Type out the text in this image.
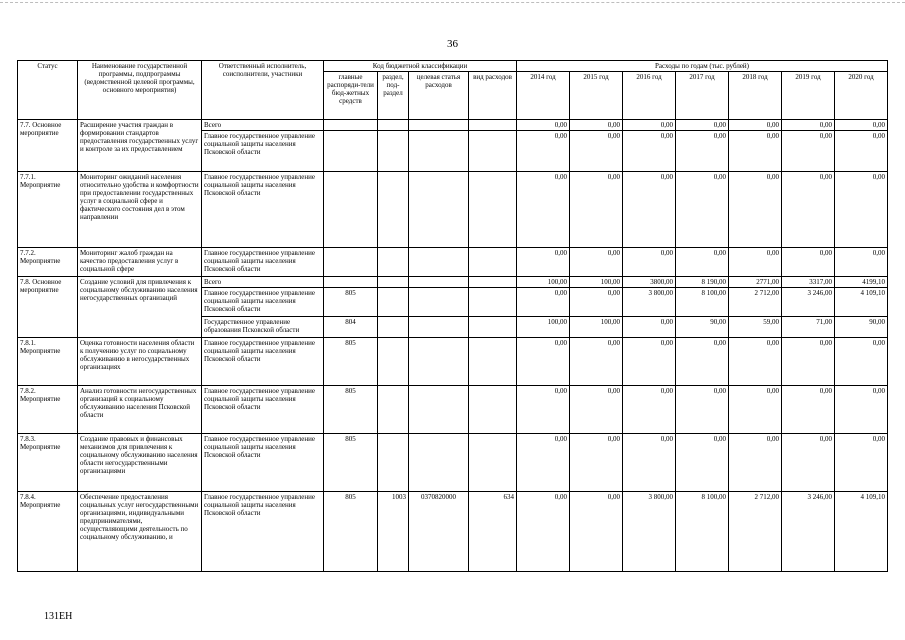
36
Статус	Наименование государственной программы, подпрограммы (ведомственной целевой программы, основного мероприятия)	Ответственный исполнитель, соисполнители, участники	Код бюджетной классификации				Расходы по годам (тыс. рублей)						
			главные распоряди-тели бюд-жетных средств	раздел, под-раздел	целевая статья расходов	вид расходов	2014 год	2015 год	2016 год	2017 год	2018 год	2019 год	2020 год
7.7. Основное мероприятие	Расширение участия граждан в формировании стандартов предоставления государственных услуг и контроле за их предоставлением	Всего					0,00	0,00	0,00	0,00	0,00	0,00	0,00
		Главное государственное управление социальной защиты населения Псковской области					0,00	0,00	0,00	0,00	0,00	0,00	0,00
7.7.1. Мероприятие	Мониторинг ожиданий населения относительно удобства и комфортности при предоставлении государственных услуг в социальной сфере и фактического состояния дел в этом направлении	Главное государственное управление социальной защиты населения Псковской области					0,00	0,00	0,00	0,00	0,00	0,00	0,00
7.7.2. Мероприятие	Мониторинг жалоб граждан на качество предоставления услуг в социальной сфере	Главное государственное управление социальной защиты населения Псковской области					0,00	0,00	0,00	0,00	0,00	0,00	0,00
7.8. Основное мероприятие	Создание условий для привлечения к социальному обслуживанию населения негосударственных организаций	Всего					100,00	100,00	3800,00	8 190,00	2771,00	3317,00	4199,10
		Главное государственное управление социальной защиты населения Псковской области	805				0,00	0,00	3 800,00	8 100,00	2 712,00	3 246,00	4 109,10
		Государственное управление образования Псковской области	804				100,00	100,00	0,00	90,00	59,00	71,00	90,00
7.8.1. Мероприятие	Оценка готовности населения области к получению услуг по социальному обслуживанию в негосударственных организациях	Главное государственное управление социальной защиты населения Псковской области	805				0,00	0,00	0,00	0,00	0,00	0,00	0,00
7.8.2. Мероприятие	Анализ готовности негосударственных организаций к социальному обслуживанию населения Псковской области	Главное государственное управление социальной защиты населения Псковской области	805				0,00	0,00	0,00	0,00	0,00	0,00	0,00
7.8.3. Мероприятие	Создание правовых и финансовых механизмов для привлечения к социальному обслуживанию населения области негосударственными организациями	Главное государственное управление социальной защиты населения Псковской области	805				0,00	0,00	0,00	0,00	0,00	0,00	0,00
7.8.4. Мероприятие	Обеспечение предоставления социальных услуг негосударственными организациями, индивидуальными предпринимателями, осуществляющими деятельность по социальному обслуживанию, и	Главное государственное управление социальной защиты населения Псковской области	805	1003	0370820000	634	0,00	0,00	3 800,00	8 100,00	2 712,00	3 246,00	4 109,10
131EH
